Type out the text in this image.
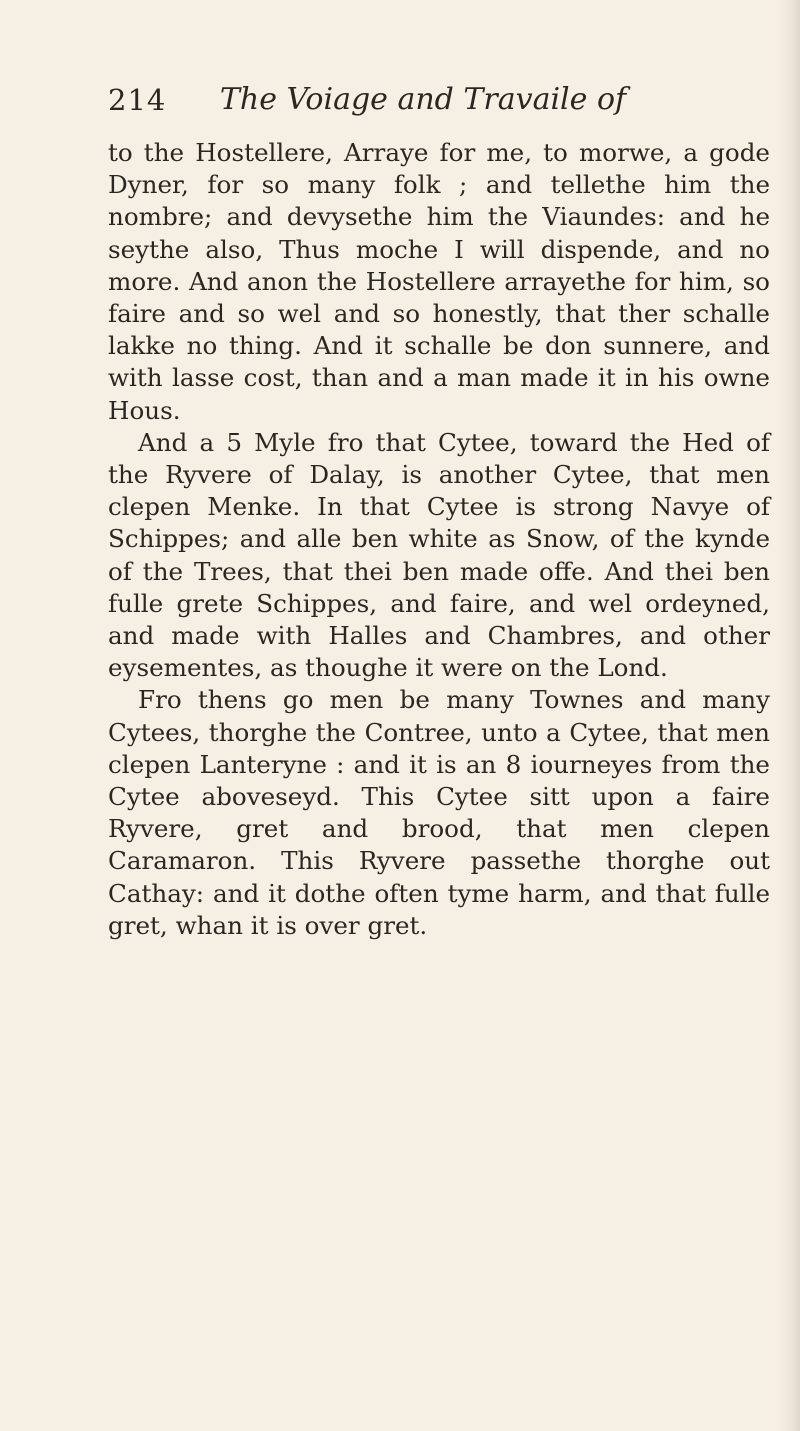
214	The Voiage and Travaile of

to the Hostellere, Arraye for me, to morwe, a gode Dyner, for so many folk ; and tellethe him the nombre; and devysethe him the Viaundes: and he seythe also, Thus moche I will dispende, and no more. And anon the Hostellere arrayethe for him, so faire and so wel and so honestly, that ther schalle lakke no thing. And it schalle be don sunnere, and with lasse cost, than and a man made it in his owne Hous.

And a 5 Myle fro that Cytee, toward the Hed of the Ryvere of Dalay, is another Cytee, that men clepen Menke. In that Cytee is strong Navye of Schippes; and alle ben white as Snow, of the kynde of the Trees, that thei ben made offe. And thei ben fulle grete Schippes, and faire, and wel ordeyned, and made with Halles and Chambres, and other eysementes, as thoughe it were on the Lond.

Fro thens go men be many Townes and many Cytees, thorghe the Contree, unto a Cytee, that men clepen Lanteryne : and it is an 8 iourneyes from the Cytee aboveseyd. This Cytee sitt upon a faire Ryvere, gret and brood, that men clepen Caramaron. This Ryvere passethe thorghe out Cathay: and it dothe often tyme harm, and that fulle gret, whan it is over gret.
